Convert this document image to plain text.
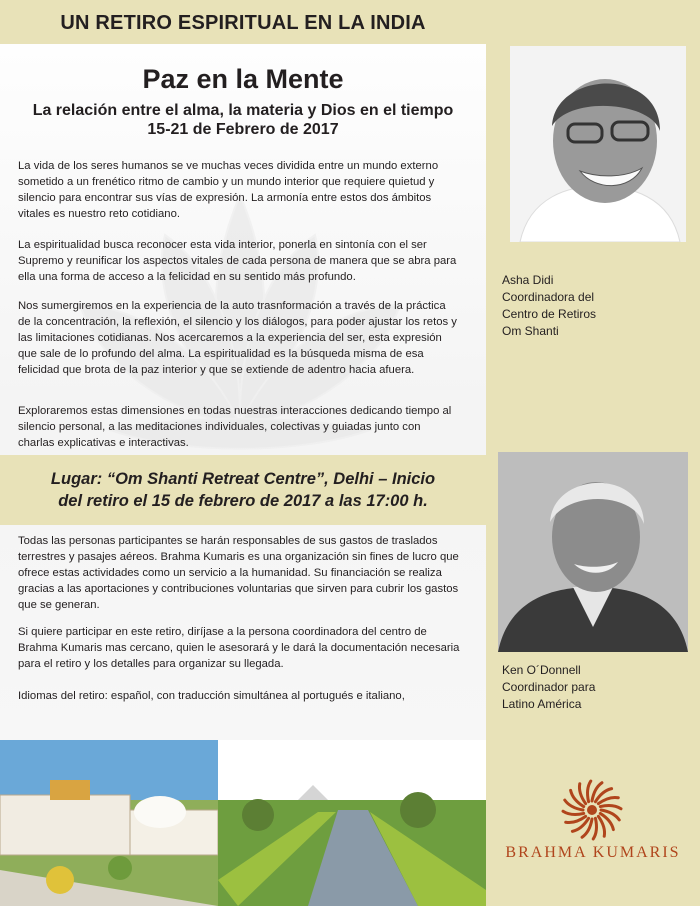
UN RETIRO ESPIRITUAL EN LA INDIA
Paz en la Mente
La relación entre el alma, la materia y Dios en el tiempo
15-21 de Febrero de 2017
La vida de los seres humanos se ve muchas veces dividida entre un mundo externo sometido a un frenético ritmo de cambio y un mundo interior que requiere quietud y silencio para encontrar sus vías de expresión. La armonía entre estos dos ámbitos vitales es nuestro reto cotidiano.
La espiritualidad busca reconocer esta vida interior, ponerla en sintonía con el ser Supremo y reunificar los aspectos vitales de cada persona de manera que se abra para ella una forma de acceso a la felicidad en su sentido más profundo.
Nos sumergiremos en la experiencia de la auto trasnformación a través de la práctica de la concentración, la reflexión, el silencio y los diálogos, para poder ajustar los retos y las limitaciones cotidianas. Nos acercaremos a la experiencia del ser, esta expresión que sale de lo profundo del alma. La espiritualidad es la búsqueda misma de esa felicidad que brota de la paz interior y que se extiende de adentro hacia afuera.
Exploraremos estas dimensiones en todas nuestras interacciones dedicando tiempo al silencio personal, a las meditaciones individuales, colectivas y guiadas junto con charlas explicativas e interactivas.
Lugar: “Om Shanti Retreat Centre”, Delhi – Inicio
del retiro el 15 de febrero de 2017 a las 17:00 h.
Todas las personas participantes se harán responsables de sus gastos de traslados terrestres y pasajes aéreos. Brahma Kumaris es una organización sin fines de lucro que ofrece estas actividades como un servicio a la humanidad. Su financiación se realiza gracias a las aportaciones y contribuciones voluntarias que sirven para cubrir los gastos que se generan.
Si quiere participar en este retiro, diríjase a la persona coordinadora del centro de Brahma Kumaris mas cercano, quien le asesorará y le dará la documentación necesaria para el retiro y los detalles para organizar su llegada.
Idiomas del retiro: español, con traducción simultánea al portugués e italiano,
Asha Didi
Coordinadora del
Centro de Retiros
Om Shanti
Ken O´Donnell
Coordinador para
Latino América
BRAHMA KUMARIS
